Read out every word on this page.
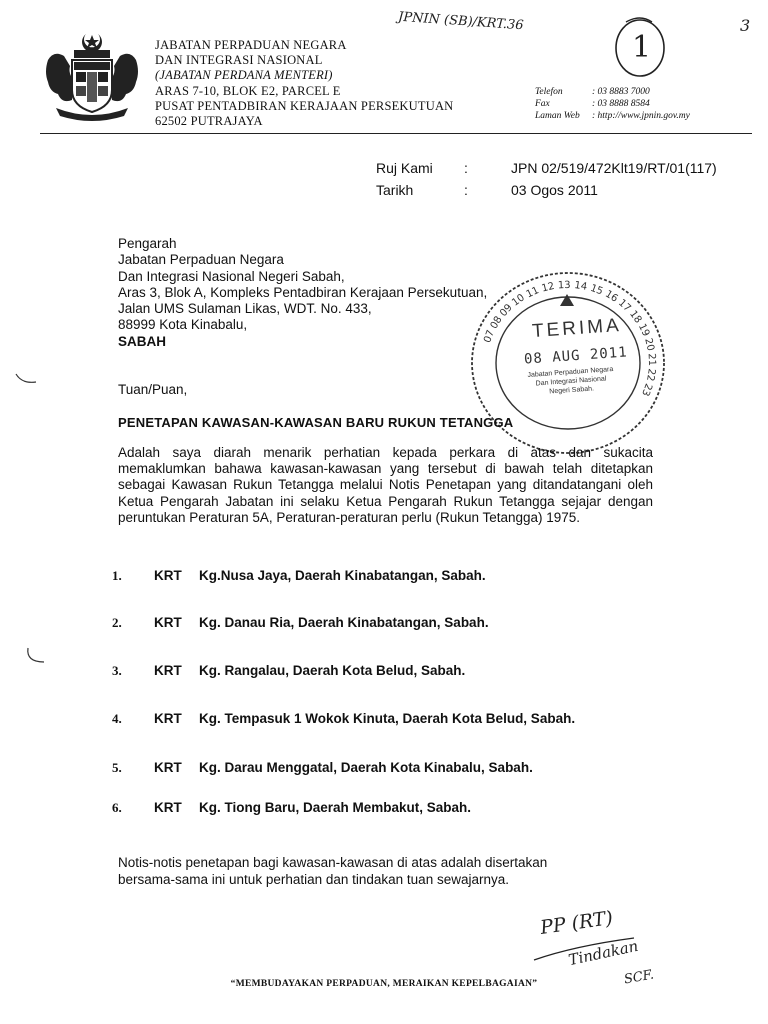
JABATAN PERPADUAN NEGARA
DAN INTEGRASI NASIONAL
(JABATAN PERDANA MENTERI)
ARAS 7-10, BLOK E2, PARCEL E
PUSAT PENTADBIRAN KERAJAAN PERSEKUTUAN
62502 PUTRAJAYA
Telefon	: 03 8883 7000
Fax	: 03 8888 8584
Laman Web	: http://www.jpnin.gov.my
JPNIN (SB)/KRT.36
1
3
Ruj Kami	:	JPN 02/519/472Klt19/RT/01(117)
Tarikh	:	03 Ogos 2011
Pengarah
Jabatan Perpaduan Negara
Dan Integrasi Nasional Negeri Sabah,
Aras 3, Blok A, Kompleks Pentadbiran Kerajaan Persekutuan,
Jalan UMS Sulaman Likas, WDT. No. 433,
88999 Kota Kinabalu,
SABAH	07
08
09
10
11 12 13 14 15
16
17
18
19
20
21
22
23
TERIMA
08 AUG 2011
Jabatan Perpaduan Negara
Dan Integrasi Nasional
Negeri Sabah.
Tuan/Puan,
PENETAPAN KAWASAN-KAWASAN BARU RUKUN TETANGGA
Adalah saya diarah menarik perhatian kepada perkara di atas dan sukacita memaklumkan bahawa kawasan-kawasan yang tersebut di bawah telah ditetapkan sebagai Kawasan Rukun Tetangga melalui Notis Penetapan yang ditandatangani oleh Ketua Pengarah Jabatan ini selaku Ketua Pengarah Rukun Tetangga sejajar dengan peruntukan Peraturan 5A, Peraturan-peraturan perlu (Rukun Tetangga) 1975.
1. KRT Kg.Nusa Jaya, Daerah Kinabatangan, Sabah.
2. KRT Kg. Danau Ria, Daerah Kinabatangan, Sabah.
3. KRT Kg. Rangalau, Daerah Kota Belud, Sabah.
4. KRT Kg. Tempasuk 1 Wokok Kinuta, Daerah Kota Belud, Sabah.
5. KRT Kg. Darau Menggatal, Daerah Kota Kinabalu, Sabah.
6. KRT Kg. Tiong Baru, Daerah Membakut, Sabah.
Notis-notis penetapan bagi kawasan-kawasan di atas adalah disertakan
bersama-sama ini untuk perhatian dan tindakan tuan sewajarnya.
PP (RT)
Tindakan
SCF.
“MEMBUDAYAKAN PERPADUAN, MERAIKAN KEPELBAGAIAN”
